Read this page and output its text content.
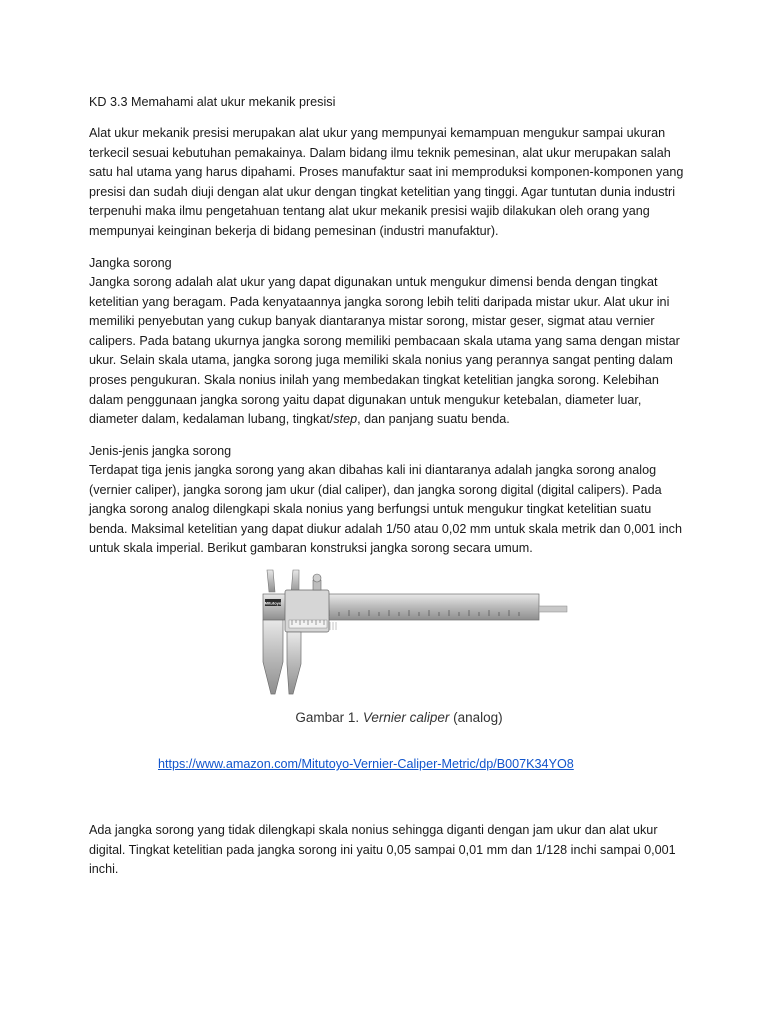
KD 3.3 Memahami alat ukur mekanik presisi

Alat ukur mekanik presisi merupakan alat ukur yang mempunyai kemampuan mengukur sampai ukuran terkecil sesuai kebutuhan pemakainya. Dalam bidang ilmu teknik pemesinan, alat ukur merupakan salah satu hal utama yang harus dipahami. Proses manufaktur saat ini memproduksi komponen-komponen yang presisi dan sudah diuji dengan alat ukur dengan tingkat ketelitian yang tinggi. Agar tuntutan dunia industri terpenuhi maka ilmu pengetahuan tentang alat ukur mekanik presisi wajib dilakukan oleh orang yang mempunyai keinginan bekerja di bidang pemesinan (industri manufaktur).

Jangka sorong

Jangka sorong adalah alat ukur yang dapat digunakan untuk mengukur dimensi benda dengan tingkat ketelitian yang beragam. Pada kenyataannya jangka sorong lebih teliti daripada mistar ukur. Alat ukur ini memiliki penyebutan yang cukup banyak diantaranya mistar sorong, mistar geser, sigmat atau vernier calipers. Pada batang ukurnya jangka sorong memiliki pembacaan skala utama yang sama dengan mistar ukur. Selain skala utama, jangka sorong juga memiliki skala nonius yang perannya sangat penting dalam proses pengukuran. Skala nonius inilah yang membedakan tingkat ketelitian jangka sorong. Kelebihan dalam penggunaan jangka sorong yaitu dapat digunakan untuk mengukur ketebalan, diameter luar, diameter dalam, kedalaman lubang, tingkat/step, dan panjang suatu benda.

Jenis-jenis jangka sorong

Terdapat tiga jenis jangka sorong yang akan dibahas kali ini diantaranya adalah jangka sorong analog (vernier caliper), jangka sorong jam ukur (dial caliper), dan jangka sorong digital (digital calipers). Pada jangka sorong analog dilengkapi skala nonius yang berfungsi untuk mengukur tingkat ketelitian suatu benda. Maksimal ketelitian yang dapat diukur adalah 1/50 atau 0,02 mm untuk skala metrik dan 0,001 inch untuk skala imperial. Berikut gambaran konstruksi jangka sorong secara umum.

Mitutoyo
Gambar 1. Vernier caliper (analog)
https://www.amazon.com/Mitutoyo-Vernier-Caliper-Metric/dp/B007K34YO8

Ada jangka sorong yang tidak dilengkapi skala nonius sehingga diganti dengan jam ukur dan alat ukur digital. Tingkat ketelitian pada jangka sorong ini yaitu 0,05 sampai 0,01 mm dan 1/128 inchi sampai 0,001 inchi.
